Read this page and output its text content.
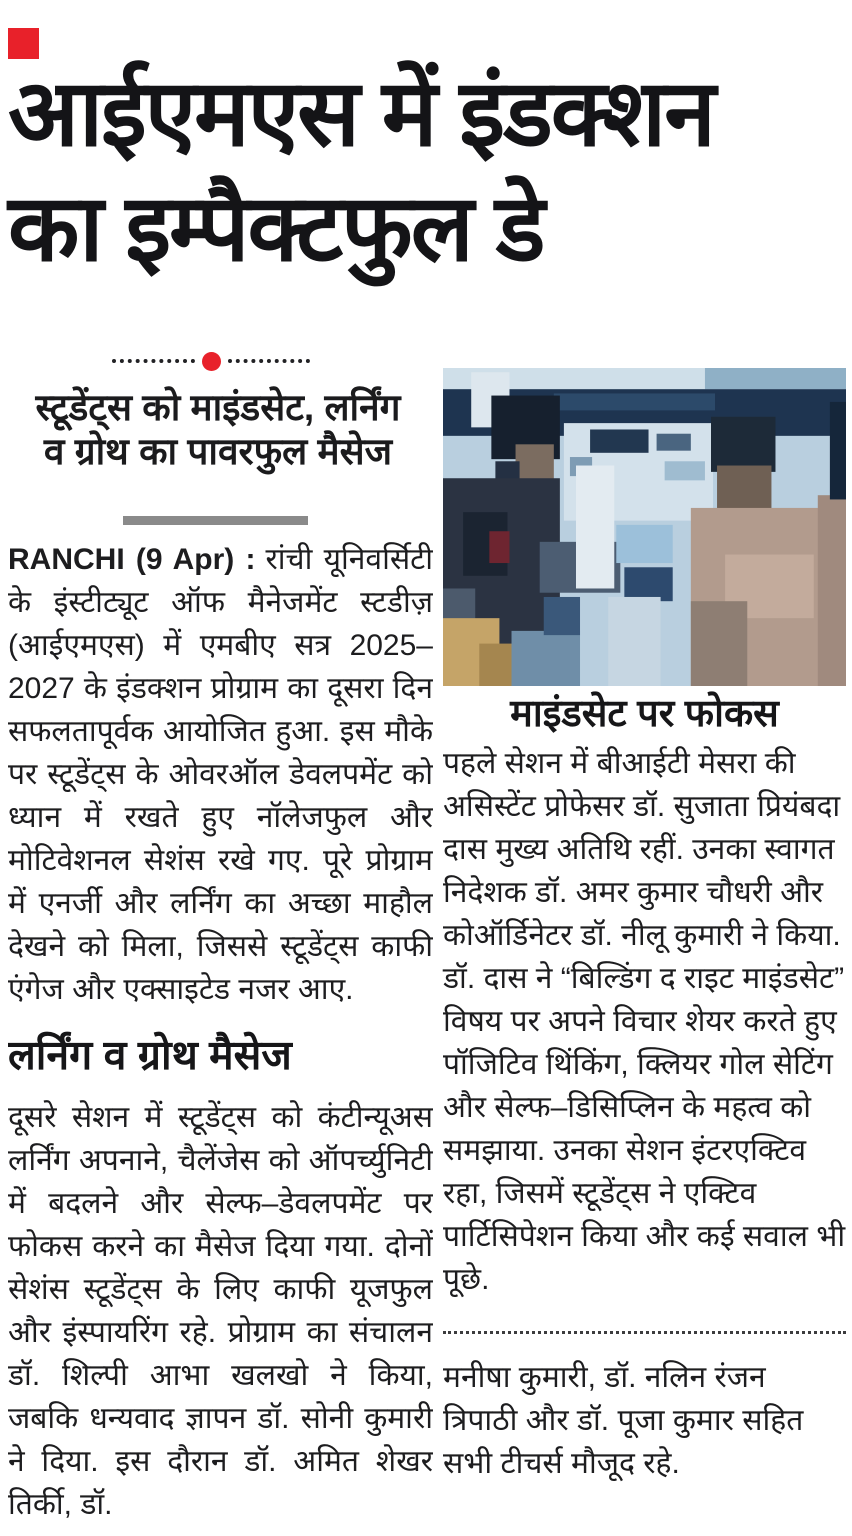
आईएमएस में इंडक्शन
का इम्पैक्टफुल डे
स्टूडेंट्स को माइंडसेट, लर्निंग
व ग्रोथ का पावरफुल मैसेज

RANCHI (9 Apr) : रांची यूनिवर्सिटी के इंस्टीट्यूट ऑफ मैनेजमेंट स्टडीज़ (आईएमएस) में एमबीए सत्र 2025–2027 के इंडक्शन प्रोग्राम का दूसरा दिन सफलतापूर्वक आयोजित हुआ. इस मौके पर स्टूडेंट्स के ओवरऑल डेवलपमेंट को ध्यान में रखते हुए नॉलेजफुल और मोटिवेशनल सेशंस रखे गए. पूरे प्रोग्राम में एनर्जी और लर्निंग का अच्छा माहौल देखने को मिला, जिससे स्टूडेंट्स काफी एंगेज और एक्साइटेड नजर आए.

लर्निंग व ग्रोथ मैसेज

दूसरे सेशन में स्टूडेंट्स को कंटीन्यूअस लर्निंग अपनाने, चैलेंजेस को ऑपर्च्युनिटी में बदलने और सेल्फ–डेवलपमेंट पर फोकस करने का मैसेज दिया गया. दोनों सेशंस स्टूडेंट्स के लिए काफी यूजफुल और इंस्पायरिंग रहे. प्रोग्राम का संचालन डॉ. शिल्पी आभा खलखो ने किया, जबकि धन्यवाद ज्ञापन डॉ. सोनी कुमारी ने दिया. इस दौरान डॉ. अमित शेखर तिर्की, डॉ.

माइंडसेट पर फोकस

पहले सेशन में बीआईटी मेसरा की असिस्टेंट प्रोफेसर डॉ. सुजाता प्रियंबदा दास मुख्य अतिथि रहीं. उनका स्वागत निदेशक डॉ. अमर कुमार चौधरी और कोऑर्डिनेटर डॉ. नीलू कुमारी ने किया. डॉ. दास ने “बिल्डिंग द राइट माइंडसेट” विषय पर अपने विचार शेयर करते हुए पॉजिटिव थिंकिंग, क्लियर गोल सेटिंग और सेल्फ–डिसिप्लिन के महत्व को समझाया. उनका सेशन इंटरएक्टिव रहा, जिसमें स्टूडेंट्स ने एक्टिव पार्टिसिपेशन किया और कई सवाल भी पूछे.

मनीषा कुमारी, डॉ. नलिन रंजन त्रिपाठी और डॉ. पूजा कुमार सहित सभी टीचर्स मौजूद रहे.
